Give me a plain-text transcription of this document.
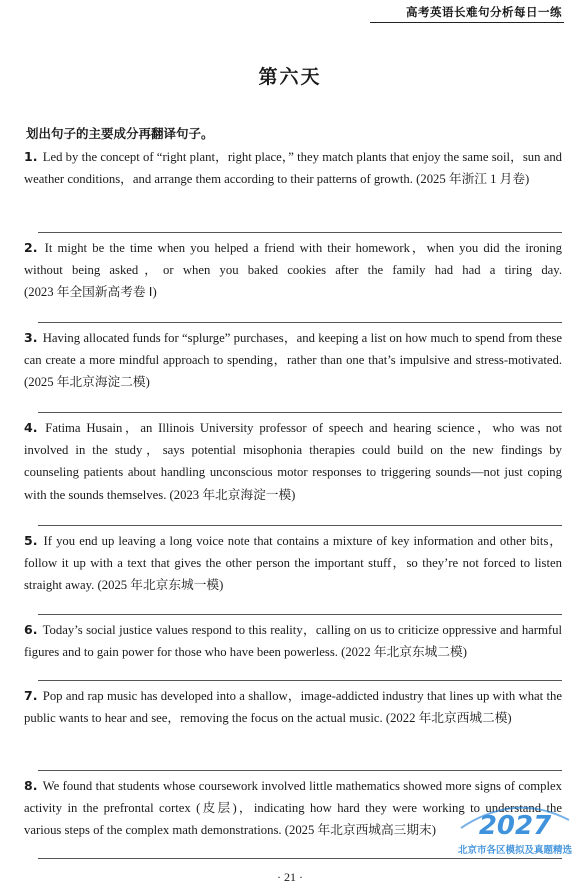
高考英语长难句分析每日一练
第六天
划出句子的主要成分再翻译句子。
1. Led by the concept of “right plant，right place，” they match plants that enjoy the same soil，sun and weather conditions，and arrange them according to their patterns of growth. (2025 年浙江 1 月卷)
2. It might be the time when you helped a friend with their homework，when you did the ironing without being asked，or when you baked cookies after the family had had a tiring day. (2023 年全国新高考卷 Ⅰ)
3. Having allocated funds for “splurge” purchases，and keeping a list on how much to spend from these can create a more mindful approach to spending，rather than one that’s impulsive and stress-motivated. (2025 年北京海淀二模)
4. Fatima Husain，an Illinois University professor of speech and hearing science，who was not involved in the study，says potential misophonia therapies could build on the new findings by counseling patients about handling unconscious motor responses to triggering sounds—not just coping with the sounds themselves. (2023 年北京海淀一模)
5. If you end up leaving a long voice note that contains a mixture of key information and other bits，follow it up with a text that gives the other person the important stuff，so they’re not forced to listen straight away. (2025 年北京东城一模)
6. Today’s social justice values respond to this reality，calling on us to criticize oppressive and harmful figures and to gain power for those who have been powerless. (2022 年北京东城二模)
7. Pop and rap music has developed into a shallow，image-addicted industry that lines up with what the public wants to hear and see，removing the focus on the actual music. (2022 年北京西城二模)
8. We found that students whose coursework involved little mathematics showed more signs of complex activity in the prefrontal cortex (皮层)，indicating how hard they were working to understand the various steps of the complex math demonstrations. (2025 年北京西城高三期末)	2027
北京市各区模拟及真题精选
· 21 ·
